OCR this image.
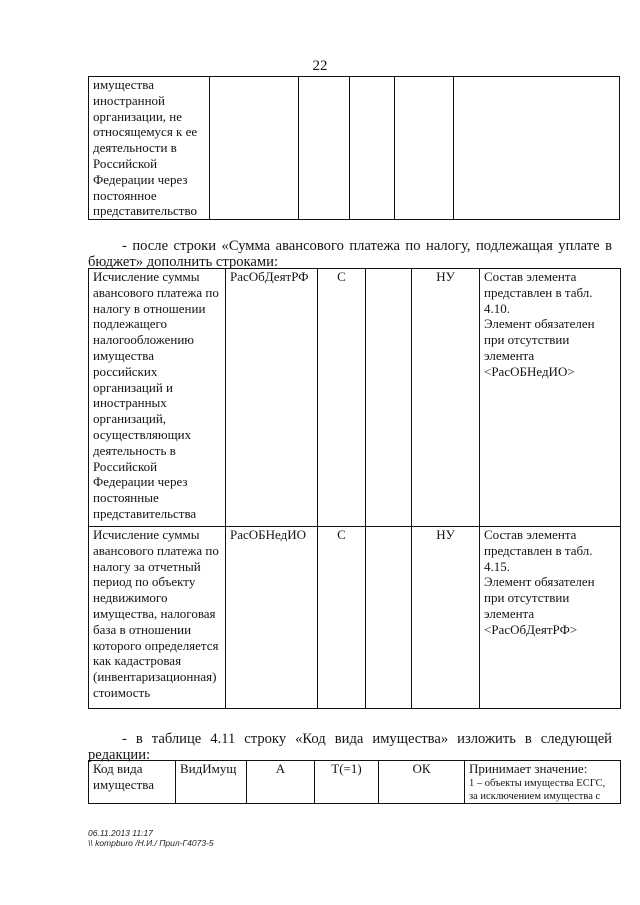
22
имущества иностранной организации, не относящемуся к ее деятельности в Российской Федерации через постоянное представительство					

- после строки «Сумма авансового платежа по налогу, подлежащая уплате в
бюджет» дополнить строками:

Исчисление суммы авансового платежа по налогу в отношении подлежащего налогообложению имущества российских организаций и иностранных организаций, осуществляющих деятельность в Российской Федерации через постоянные представительства	РасОбДеятРФ	С		НУ	Состав элемента представлен в табл. 4.10.
Элемент обязателен при отсутствии элемента <РасОБНедИО>

Исчисление суммы авансового платежа по налогу за отчетный период по объекту недвижимого имущества, налоговая база в отношении которого определяется как кадастровая (инвентаризационная) стоимость	РасОБНедИО	С		НУ	Состав элемента представлен в табл. 4.15.
Элемент обязателен при отсутствии элемента <РасОбДеятРФ>

- в таблице 4.11 строку «Код вида имущества» изложить в следующей
редакции:

Код вида имущества	ВидИмущ	А	Т(=1)	ОК	Принимает значение:
1 – объекты имущества ЕСГС, за исключением имущества с
06.11.2013 11:17
\\ kompburo /Н.И./ Прил-Г4073-5
